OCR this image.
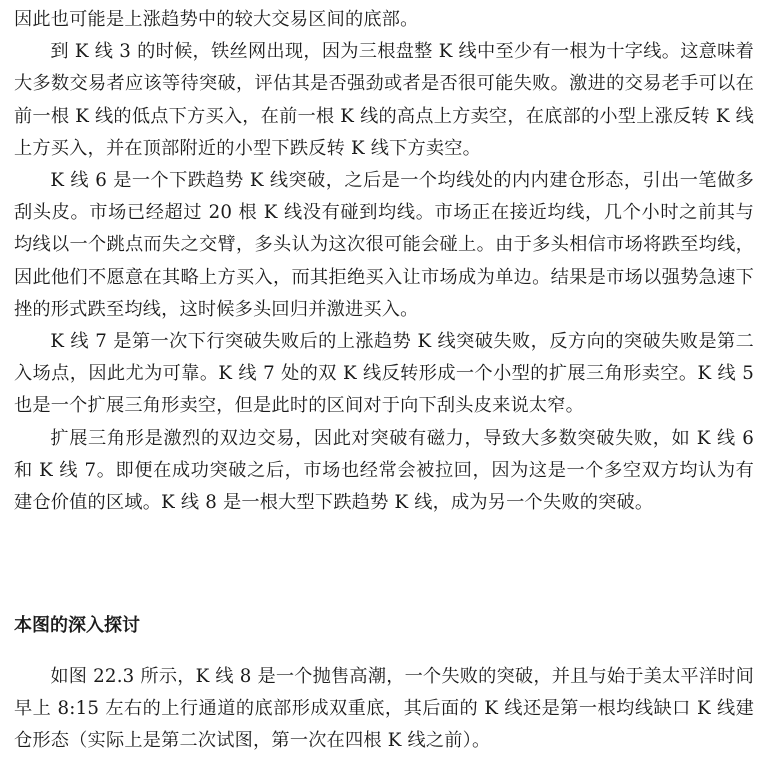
因此也可能是上涨趋势中的较大交易区间的底部。

到 K 线 3 的时候，铁丝网出现，因为三根盘整 K 线中至少有一根为十字线。这意味着大多数交易者应该等待突破，评估其是否强劲或者是否很可能失败。激进的交易老手可以在前一根 K 线的低点下方买入，在前一根 K 线的高点上方卖空，在底部的小型上涨反转 K 线上方买入，并在顶部附近的小型下跌反转 K 线下方卖空。

K 线 6 是一个下跌趋势 K 线突破，之后是一个均线处的内内建仓形态，引出一笔做多刮头皮。市场已经超过 20 根 K 线没有碰到均线。市场正在接近均线，几个小时之前其与均线以一个跳点而失之交臂，多头认为这次很可能会碰上。由于多头相信市场将跌至均线，因此他们不愿意在其略上方买入，而其拒绝买入让市场成为单边。结果是市场以强势急速下挫的形式跌至均线，这时候多头回归并激进买入。

K 线 7 是第一次下行突破失败后的上涨趋势 K 线突破失败，反方向的突破失败是第二入场点，因此尤为可靠。K 线 7 处的双 K 线反转形成一个小型的扩展三角形卖空。K 线 5 也是一个扩展三角形卖空，但是此时的区间对于向下刮头皮来说太窄。

扩展三角形是激烈的双边交易，因此对突破有磁力，导致大多数突破失败，如 K 线 6 和 K 线 7。即便在成功突破之后，市场也经常会被拉回，因为这是一个多空双方均认为有建仓价值的区域。K 线 8 是一根大型下跌趋势 K 线，成为另一个失败的突破。

本图的深入探讨

如图 22.3 所示，K 线 8 是一个抛售高潮，一个失败的突破，并且与始于美太平洋时间早上 8:15 左右的上行通道的底部形成双重底，其后面的 K 线还是第一根均线缺口 K 线建仓形态（实际上是第二次试图，第一次在四根 K 线之前）。
